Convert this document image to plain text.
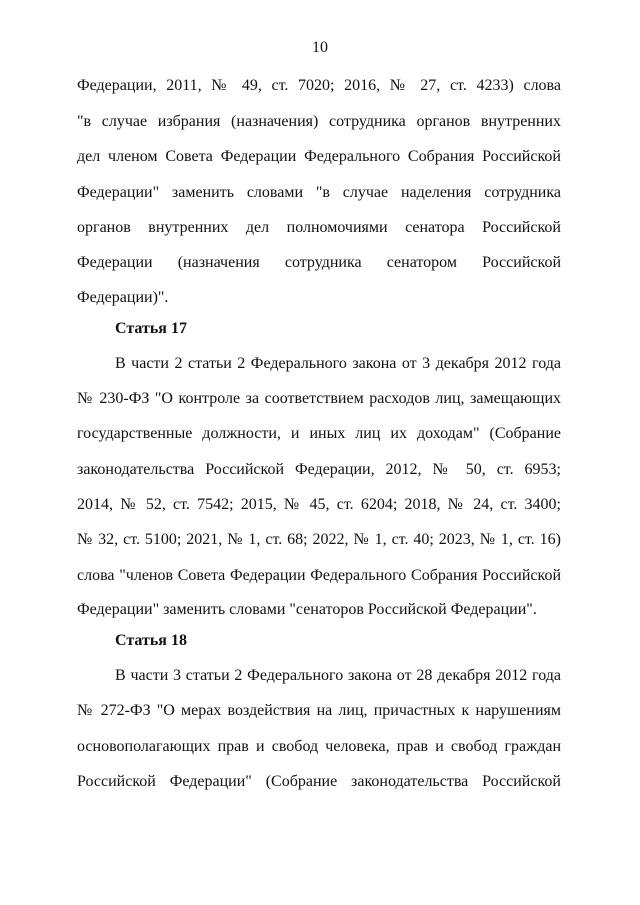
10
Федерации, 2011, № 49, ст. 7020; 2016, № 27, ст. 4233) слова
"в случае избрания (назначения) сотрудника органов внутренних
дел членом Совета Федерации Федерального Собрания Российской
Федерации" заменить словами "в случае наделения сотрудника
органов внутренних дел полномочиями сенатора Российской
Федерации (назначения сотрудника сенатором Российской
Федерации)".
Статья 17
В части 2 статьи 2 Федерального закона от 3 декабря 2012 года
№ 230-ФЗ "О контроле за соответствием расходов лиц, замещающих
государственные должности, и иных лиц их доходам" (Собрание
законодательства Российской Федерации, 2012, № 50, ст. 6953;
2014, № 52, ст. 7542; 2015, № 45, ст. 6204; 2018, № 24, ст. 3400;
№ 32, ст. 5100; 2021, № 1, ст. 68; 2022, № 1, ст. 40; 2023, № 1, ст. 16)
слова "членов Совета Федерации Федерального Собрания Российской
Федерации" заменить словами "сенаторов Российской Федерации".
Статья 18
В части 3 статьи 2 Федерального закона от 28 декабря 2012 года
№ 272-ФЗ "О мерах воздействия на лиц, причастных к нарушениям
основополагающих прав и свобод человека, прав и свобод граждан
Российской Федерации" (Собрание законодательства Российской
